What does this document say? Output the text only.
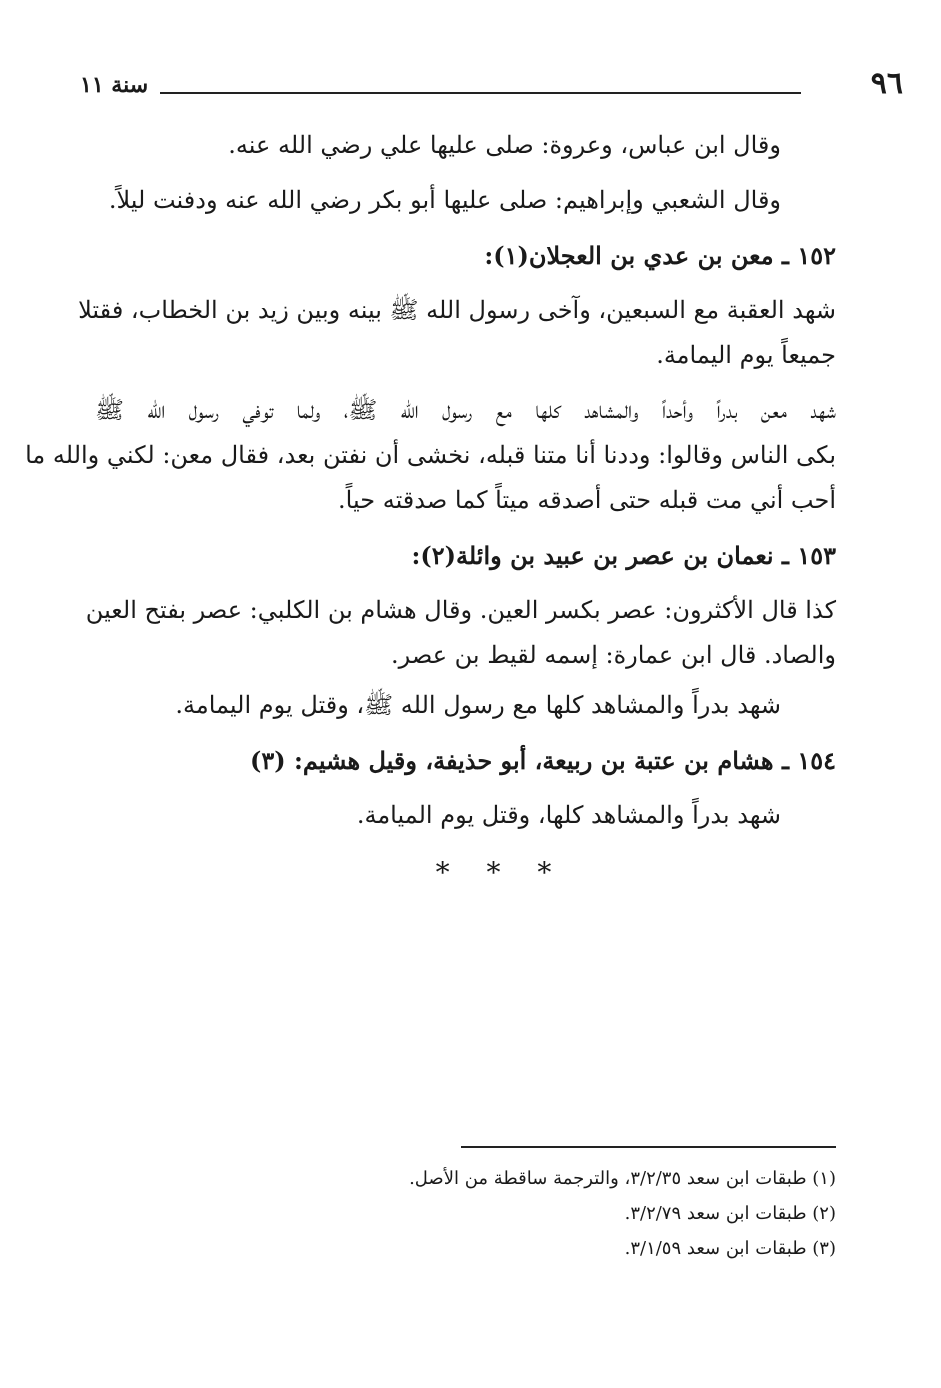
٩٦
سنة ١١
وقال ابن عباس، وعروة: صلى عليها علي رضي الله عنه.
وقال الشعبي وإبراهيم: صلى عليها أبو بكر رضي الله عنه ودفنت ليلاً.
١٥٢ ـ معن بن عدي بن العجلان(١):
شهد العقبة مع السبعين، وآخى رسول الله ﷺ بينه وبين زيد بن الخطاب، فقتلا
جميعاً يوم اليمامة.
شهد معن بدراً وأحداً والمشاهد كلها مع رسول الله ﷺ، ولما توفي رسول الله ﷺ
بكى الناس وقالوا: وددنا أنا متنا قبله، نخشى أن نفتن بعد، فقال معن: لكني والله ما
أحب أني مت قبله حتى أصدقه ميتاً كما صدقته حياً.
١٥٣ ـ نعمان بن عصر بن عبيد بن وائلة(٢):
كذا قال الأكثرون: عصر بكسر العين. وقال هشام بن الكلبي: عصر بفتح العين
والصاد. قال ابن عمارة: إسمه لقيط بن عصر.
شهد بدراً والمشاهد كلها مع رسول الله ﷺ، وقتل يوم اليمامة.
١٥٤ ـ هشام بن عتبة بن ربيعة، أبو حذيفة، وقيل هشيم: (٣)
شهد بدراً والمشاهد كلها، وقتل يوم الميامة.
* * *
(١) طبقات ابن سعد ٣/٢/٣٥، والترجمة ساقطة من الأصل.
(٢) طبقات ابن سعد ٣/٢/٧٩.
(٣) طبقات ابن سعد ٣/١/٥٩.
